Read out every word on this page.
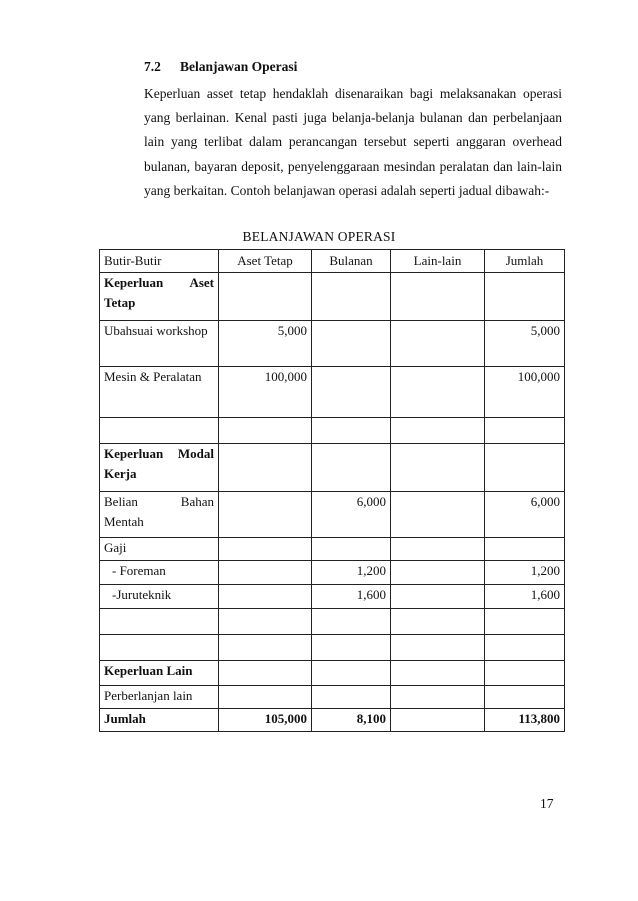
7.2 Belanjawan Operasi
Keperluan asset tetap hendaklah disenaraikan bagi melaksanakan operasi yang berlainan. Kenal pasti juga belanja-belanja bulanan dan perbelanjaan lain yang terlibat dalam perancangan tersebut seperti anggaran overhead bulanan, bayaran deposit, penyelenggaraan mesindan peralatan dan lain-lain yang berkaitan. Contoh belanjawan operasi adalah seperti jadual dibawah:-
BELANJAWAN OPERASI
Butir-Butir	Aset Tetap	Bulanan	Lain-lain	Jumlah
Keperluan Aset Tetap				
Ubahsuai workshop	5,000			5,000
Mesin & Peralatan	100,000			100,000

Keperluan Modal Kerja				
Belian Bahan Mentah		6,000		6,000
Gaji				
- Foreman		1,200		1,200
-Juruteknik		1,600		1,600

Keperluan Lain				
Perberlanjan lain				
Jumlah	105,000	8,100		113,800
17
